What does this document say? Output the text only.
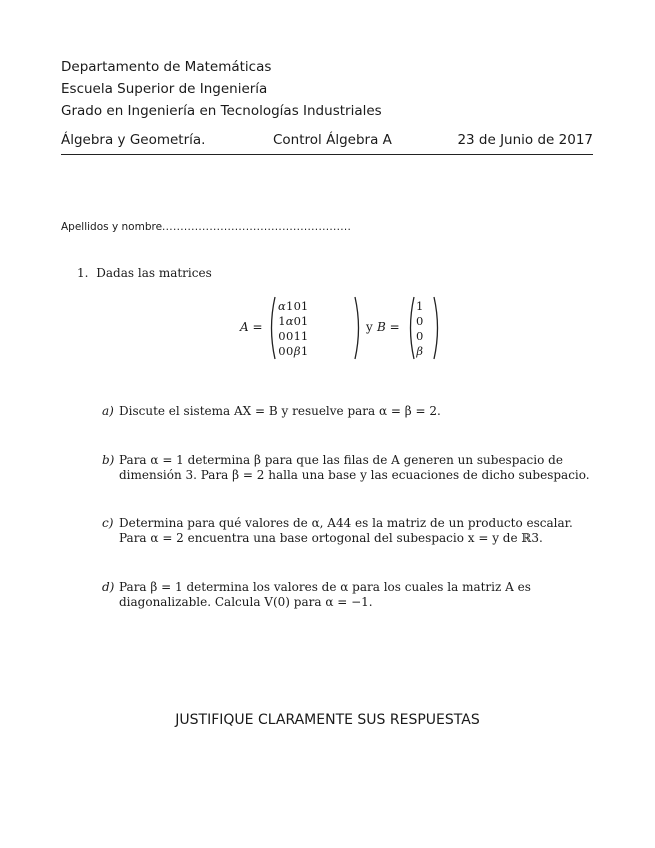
Departamento de Matemáticas
Escuela Superior de Ingeniería
Grado en Ingeniería en Tecnologías Industriales
Álgebra y Geometría.	Control Álgebra A	23 de Junio de 2017
Apellidos y nombre....................................................
1. Dadas las matrices
A =
α	1	0	1
1	α	0	1
0	0	1	1
0	0	β	1
y B =
1
0
0
β
a) Discute el sistema AX = B y resuelve para α = β = 2.
b) Para α = 1 determina β para que las filas de A generen un subespacio de dimensión 3. Para β = 2 halla una base y las ecuaciones de dicho subespacio.
c) Determina para qué valores de α, A44 es la matriz de un producto escalar. Para α = 2 encuentra una base ortogonal del subespacio x = y de ℝ3.
d) Para β = 1 determina los valores de α para los cuales la matriz A es diagonalizable. Calcula V(0) para α = −1.
JUSTIFIQUE CLARAMENTE SUS RESPUESTAS
